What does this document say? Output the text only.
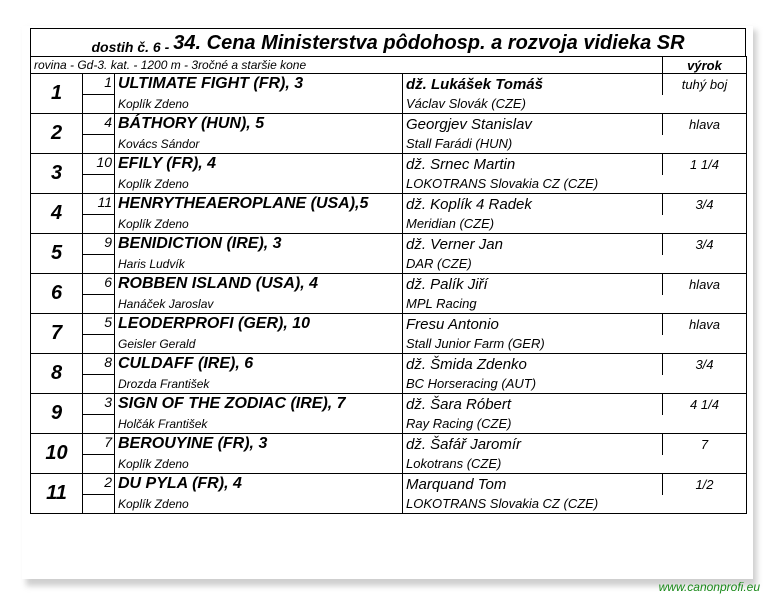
dostih č. 6 - 34. Cena Ministerstva pôdohosp. a rozvoja vidieka SR
rovina - Gd-3. kat. - 1200 m - 3ročné a staršie kone				výrok
1	1	ULTIMATE FIGHT (FR), 3	dž. Lukášek Tomáš	tuhý boj
		Koplík Zdeno	Václav Slovák (CZE)	
2	4	BÁTHORY (HUN), 5	Georgjev Stanislav	hlava
		Kovács Sándor	Stall Farádi (HUN)	
3	10	EFILY (FR), 4	dž. Srnec Martin	1 1/4
		Koplík Zdeno	LOKOTRANS Slovakia CZ (CZE)	
4	11	HENRYTHEAEROPLANE (USA),5	dž. Koplík 4 Radek	3/4
		Koplík Zdeno	Meridian (CZE)	
5	9	BENIDICTION (IRE), 3	dž. Verner Jan	3/4
		Haris Ludvík	DAR (CZE)	
6	6	ROBBEN ISLAND (USA), 4	dž. Palík Jiří	hlava
		Hanáček Jaroslav	MPL Racing	
7	5	LEODERPROFI (GER), 10	Fresu Antonio	hlava
		Geisler Gerald	Stall Junior Farm (GER)	
8	8	CULDAFF (IRE), 6	dž. Šmida Zdenko	3/4
		Drozda František	BC Horseracing (AUT)	
9	3	SIGN OF THE ZODIAC (IRE), 7	dž. Šara Róbert	4 1/4
		Holčák František	Ray Racing (CZE)	
10	7	BEROUYINE (FR), 3	dž. Šafář Jaromír	7
		Koplík Zdeno	Lokotrans (CZE)	
11	2	DU PYLA (FR), 4	Marquand Tom	1/2
		Koplík Zdeno	LOKOTRANS Slovakia CZ (CZE)	
www.canonprofi.eu
